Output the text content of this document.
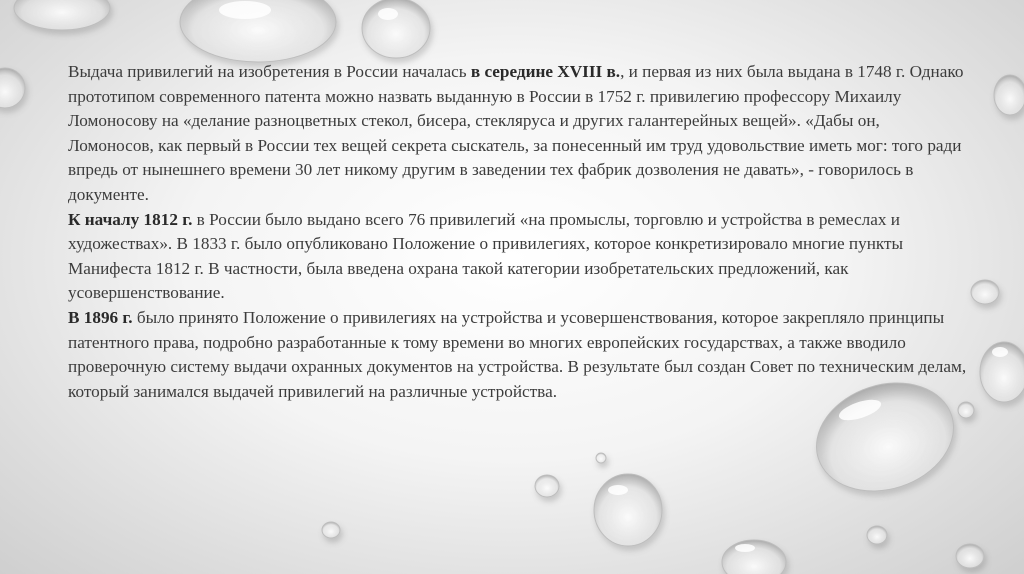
Выдача привилегий на изобретения в России началась в середине XVIII в., и первая из них была выдана в 1748 г. Однако прототипом современного патента можно назвать выданную в России в 1752 г. привилегию профессору Михаилу Ломоносову на «делание разноцветных стекол, бисера, стекляруса и других галантерейных вещей». «Дабы он, Ломоносов, как первый в России тех вещей секрета сыскатель, за понесенный им труд удовольствие иметь мог: того ради впредь от нынешнего времени 30 лет никому другим в заведении тех фабрик дозволения не давать», - говорилось в документе.

К началу 1812 г. в России было выдано всего 76 привилегий «на промыслы, торговлю и устройства в ремеслах и художествах». В 1833 г. было опубликовано Положение о привилегиях, которое конкретизировало многие пункты Манифеста 1812 г. В частности, была введена охрана такой категории изобретательских предложений, как усовершенствование.

В 1896 г. было принято Положение о привилегиях на устройства и усовершенствования, которое закрепляло принципы патентного права, подробно разработанные к тому времени во многих европейских государствах, а также вводило проверочную систему выдачи охранных документов на устройства. В результате был создан Совет по техническим делам, который занимался выдачей привилегий на различные устройства.
